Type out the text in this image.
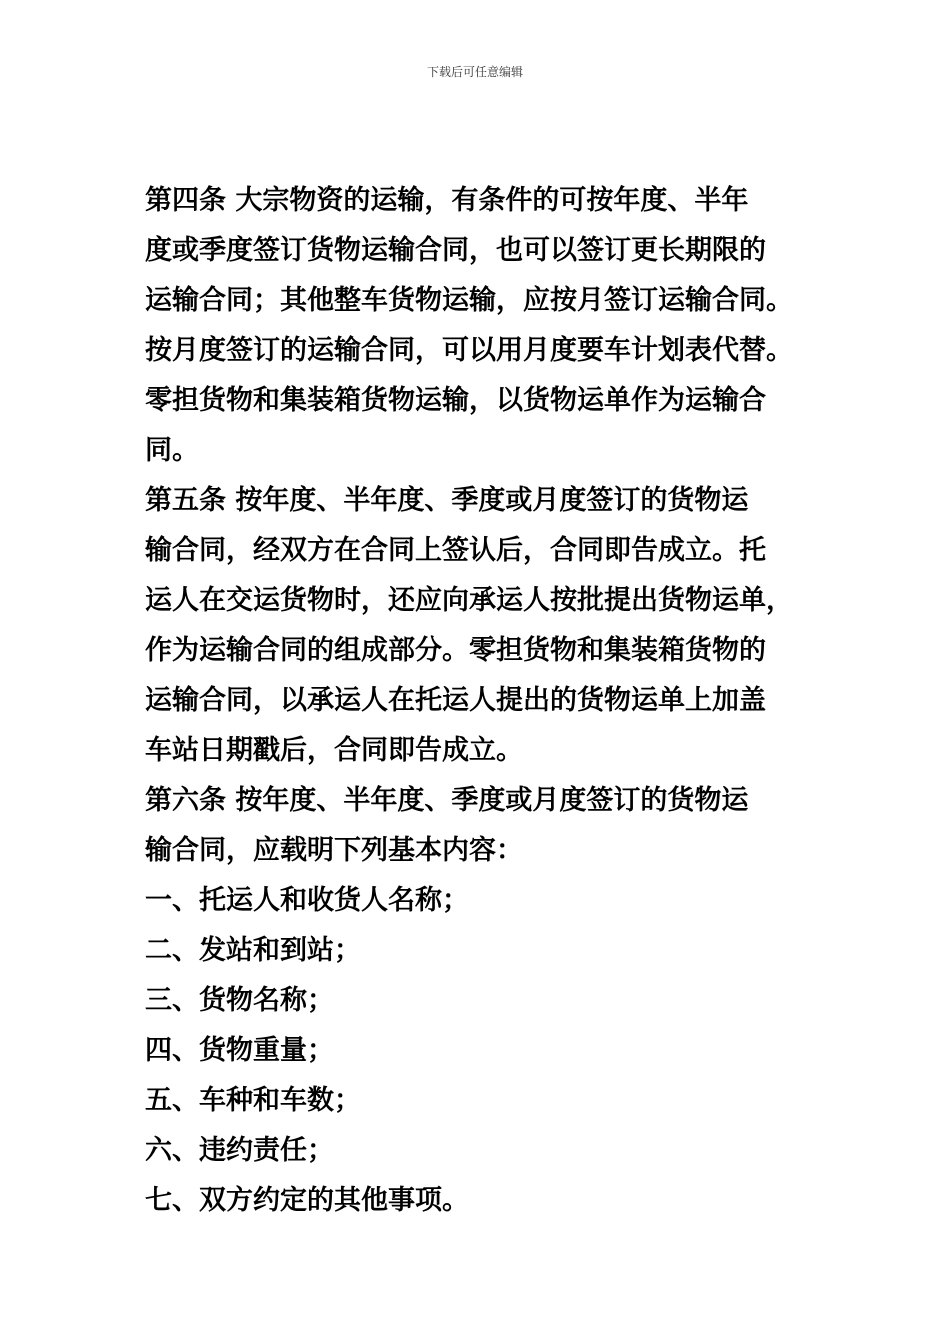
下载后可任意编辑
第四条 大宗物资的运输，有条件的可按年度、半年
度或季度签订货物运输合同，也可以签订更长期限的
运输合同；其他整车货物运输，应按月签订运输合同。
按月度签订的运输合同，可以用月度要车计划表代替。
零担货物和集装箱货物运输，以货物运单作为运输合
同。
第五条 按年度、半年度、季度或月度签订的货物运
输合同，经双方在合同上签认后，合同即告成立。托
运人在交运货物时，还应向承运人按批提出货物运单，
作为运输合同的组成部分。零担货物和集装箱货物的
运输合同，以承运人在托运人提出的货物运单上加盖
车站日期戳后，合同即告成立。
第六条 按年度、半年度、季度或月度签订的货物运
输合同，应载明下列基本内容：
一、托运人和收货人名称；
二、发站和到站；
三、货物名称；
四、货物重量；
五、车种和车数；
六、违约责任；
七、双方约定的其他事项。
